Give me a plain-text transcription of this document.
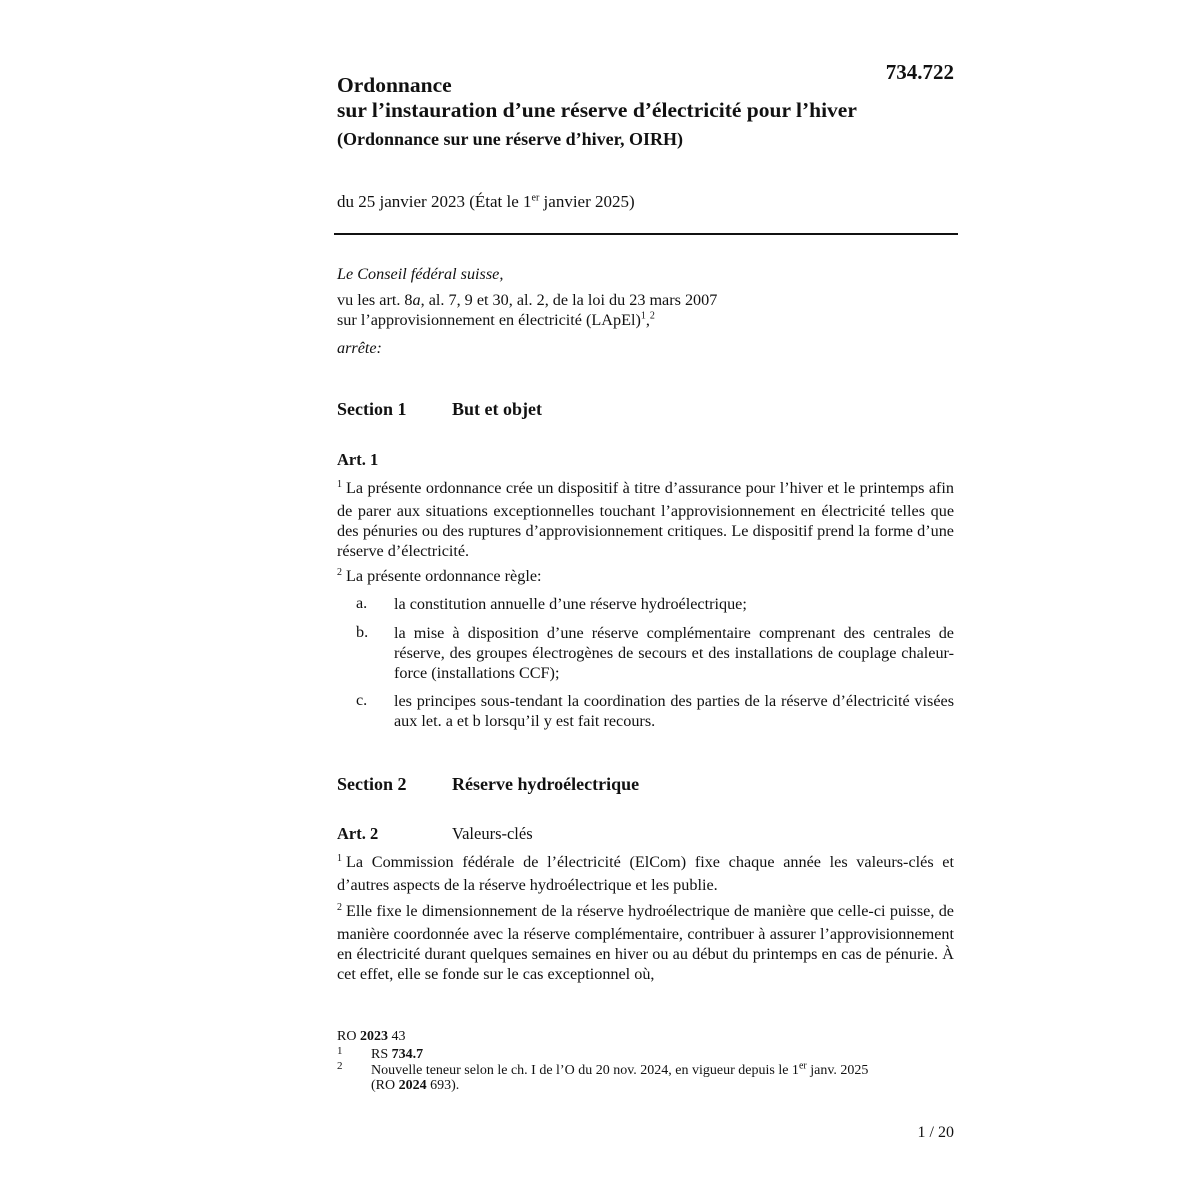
734.722
Ordonnance
sur l’instauration d’une réserve d’électricité pour l’hiver
(Ordonnance sur une réserve d’hiver, OIRH)
du 25 janvier 2023 (État le 1er janvier 2025)
Le Conseil fédéral suisse,
vu les art. 8a, al. 7, 9 et 30, al. 2, de la loi du 23 mars 2007
sur l’approvisionnement en électricité (LApEl)$^1$,$^2$
arrête:
Section 1	But et objet
Art. 1

$^1$ La présente ordonnance crée un dispositif à titre d’assurance pour l’hiver et le printemps afin de parer aux situations exceptionnelles touchant l’approvisionnement en électricité telles que des pénuries ou des ruptures d’approvisionnement critiques. Le dispositif prend la forme d’une réserve d’électricité.

$^2$ La présente ordonnance règle:

a.	la constitution annuelle d’une réserve hydroélectrique;
b.	la mise à disposition d’une réserve complémentaire comprenant des centrales de réserve, des groupes électrogènes de secours et des installations de couplage chaleur-force (installations CCF);
c.	les principes sous-tendant la coordination des parties de la réserve d’électricité visées aux let. a et b lorsqu’il y est fait recours.
Section 2	Réserve hydroélectrique
Art. 2	Valeurs-clés

$^1$ La Commission fédérale de l’électricité (ElCom) fixe chaque année les valeurs-clés et d’autres aspects de la réserve hydroélectrique et les publie.

$^2$ Elle fixe le dimensionnement de la réserve hydroélectrique de manière que celle-ci puisse, de manière coordonnée avec la réserve complémentaire, contribuer à assurer l’approvisionnement en électricité durant quelques semaines en hiver ou au début du printemps en cas de pénurie. À cet effet, elle se fonde sur le cas exceptionnel où,

RO 2023 43
1	RS 734.7
2	Nouvelle teneur selon le ch. I de l’O du 20 nov. 2024, en vigueur depuis le 1er janv. 2025
(RO 2024 693).
1 / 20
